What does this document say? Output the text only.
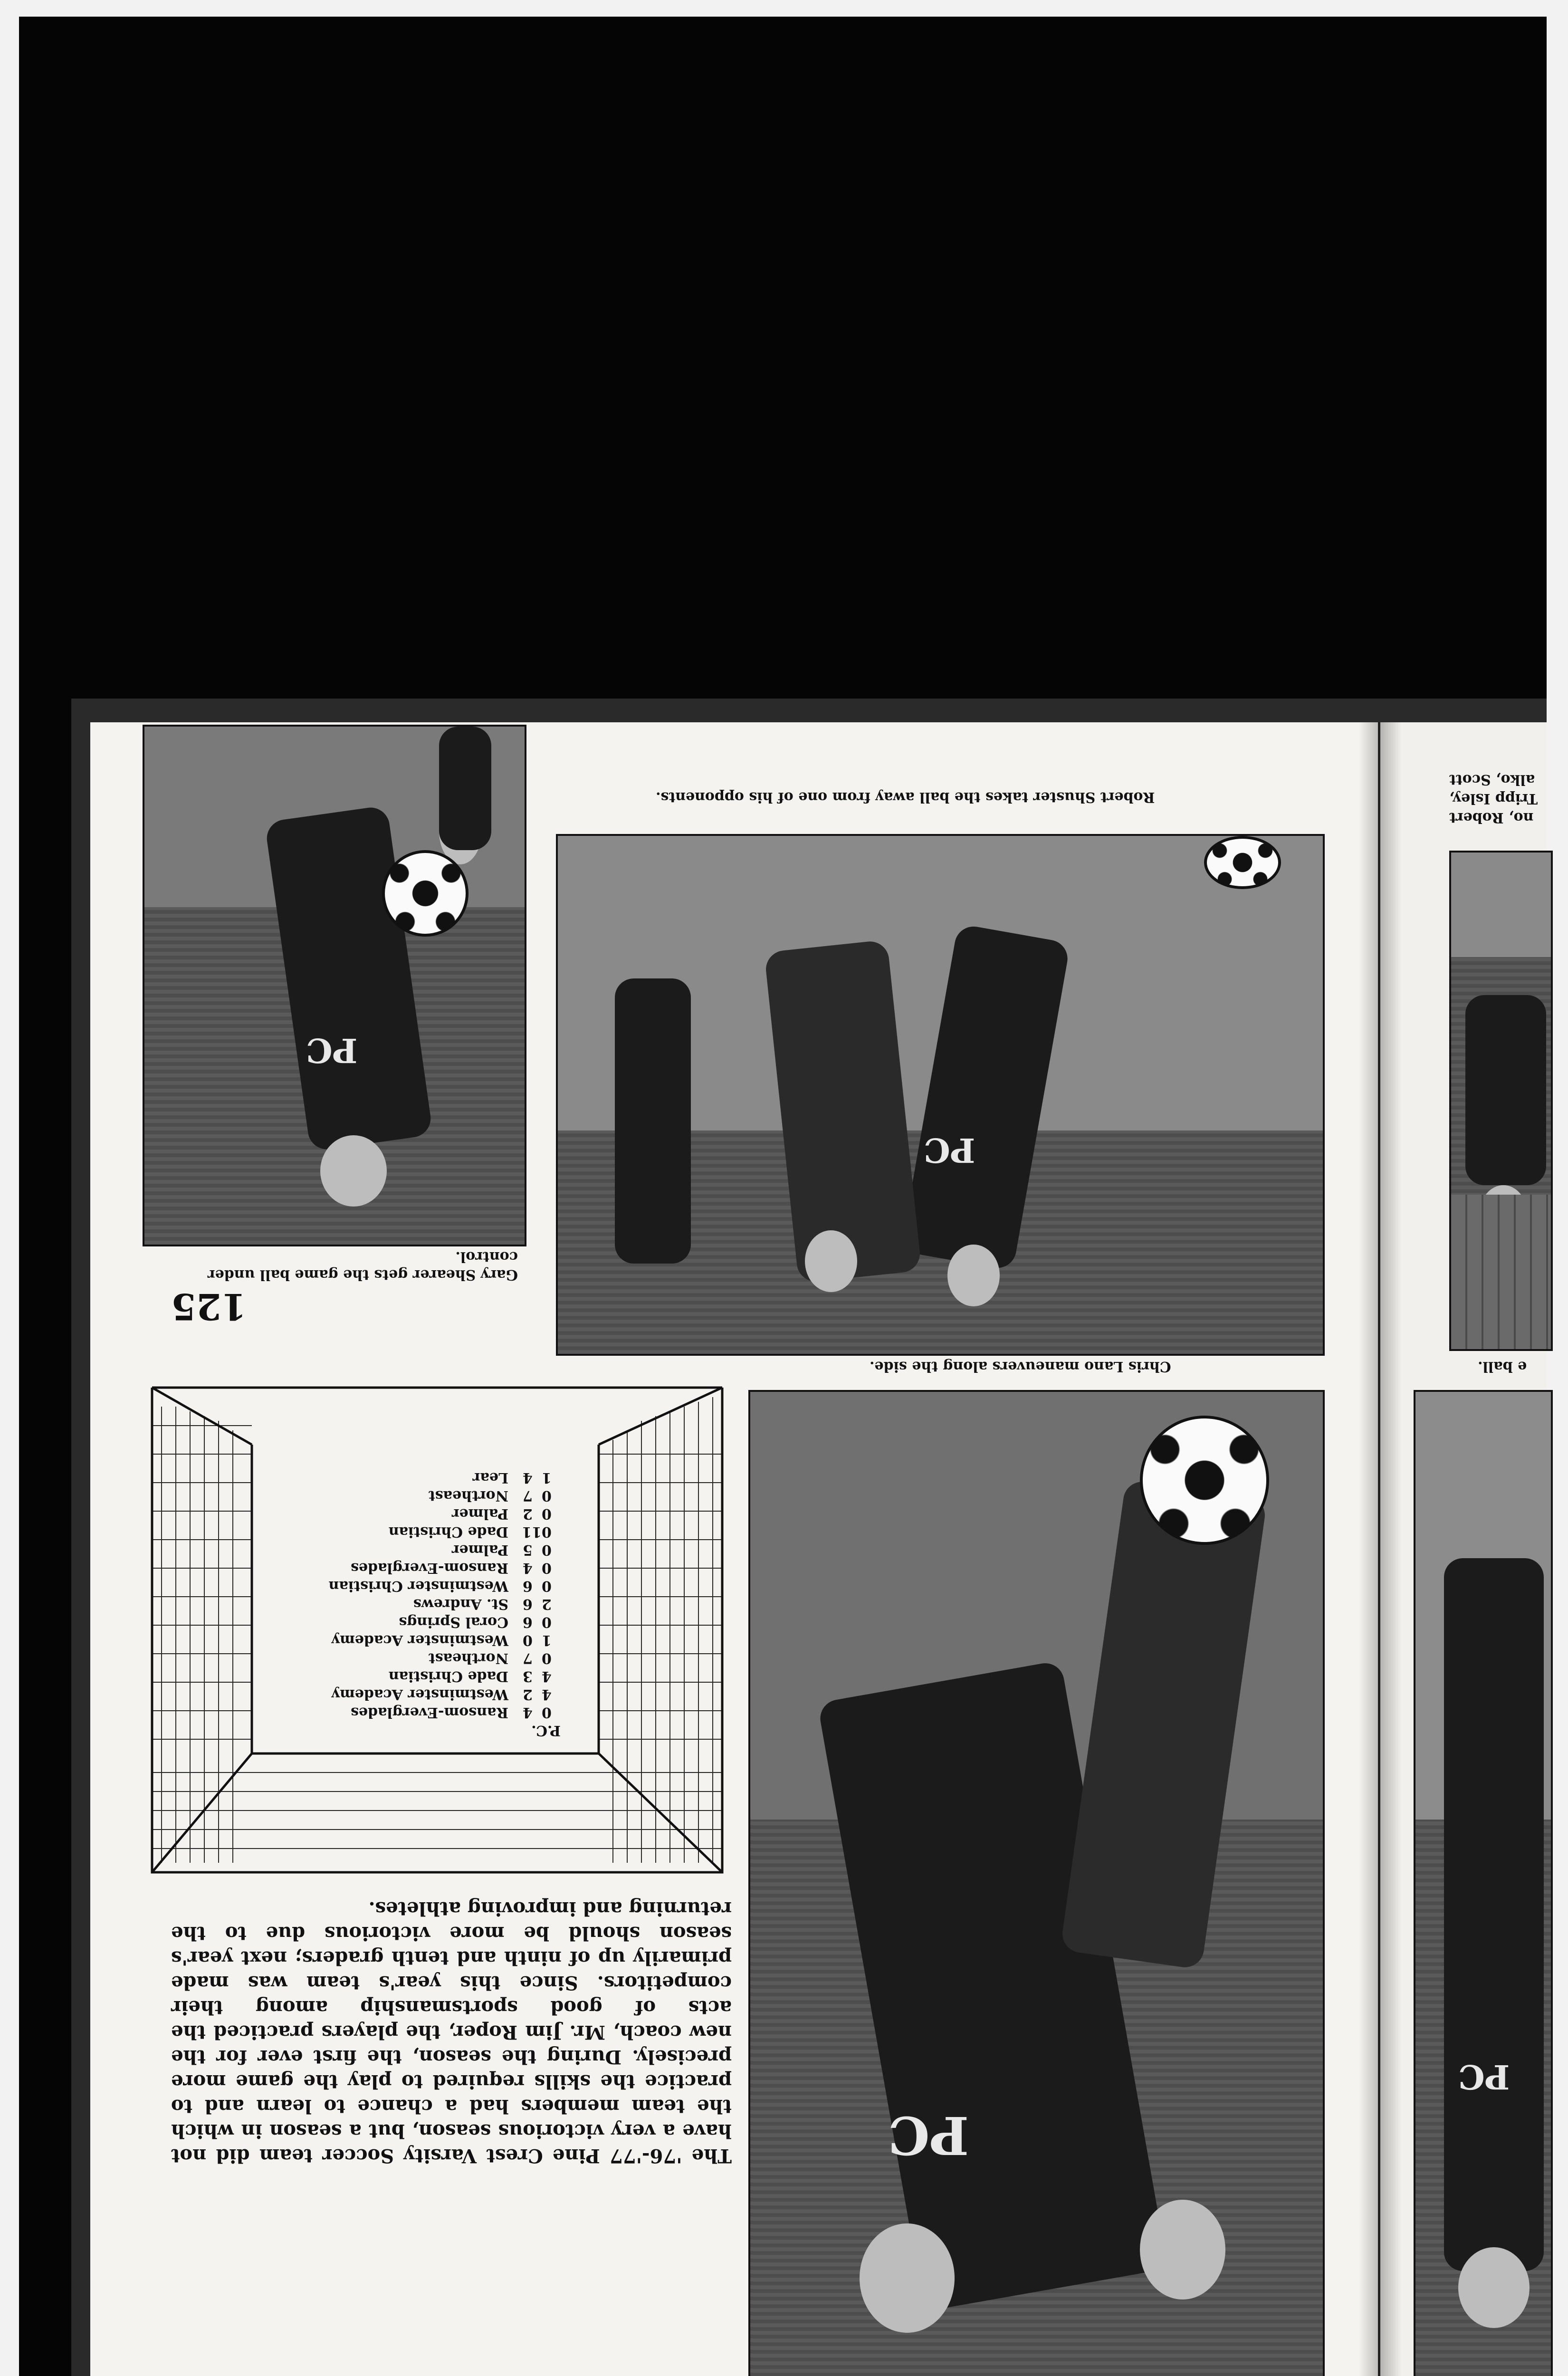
PC
Gary Shearer gets the game ball under control.
125
Robert Shuster takes the ball away from one of his opponents.
PC
Chris Lano maneuvers along the side.
PC
The '76-'77 Pine Crest Varsity Soccer team did not have a very victorious season, but a season in which the team members had a chance to learn and to practice the skills required to play the game more precisely. During the season, the first ever for the new coach, Mr. Jim Roper, the players practiced the acts of good sportsmanship among their competitors. Since this year's team was made primarily up of ninth and tenth graders; next year's season should be more victorious due to the returning and improving athletes.
P.C.
0
4
Ransom-Everglades
4
2
Westminster Academy
4
3
Dade Christian
0
7
Northeast
1
0
Westminster Academy
0
6
Coral Springs
2
6
St. Andrews
0
6
Westminster Christian
0
4
Ransom-Everglades
0
5
Palmer
0
11
Dade Christian
0
2
Palmer
0
7
Northeast
1
4
Lear
no, Robert
Tripp Isley,
alko, Scott
e ball.
PC
